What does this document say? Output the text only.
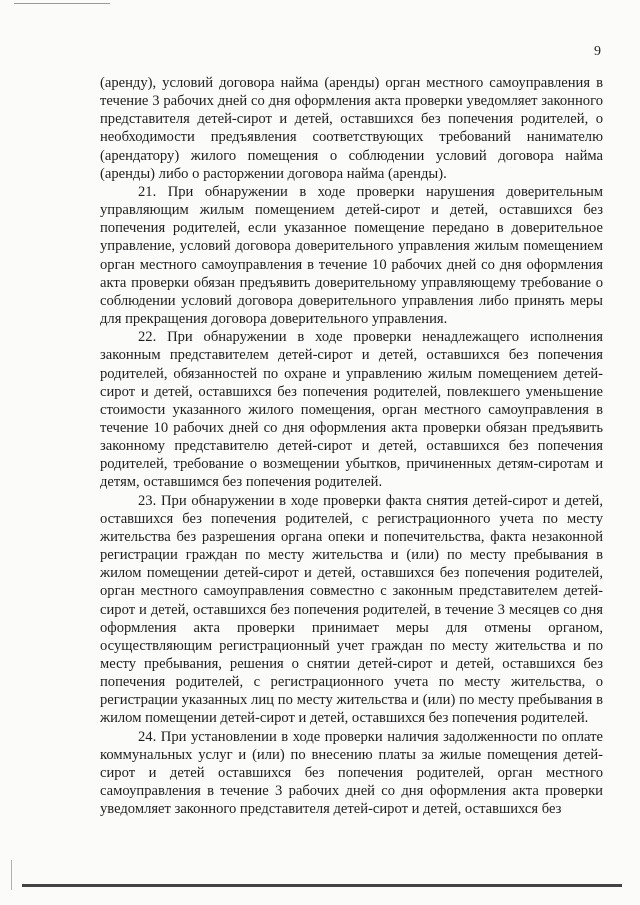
9

(аренду), условий договора найма (аренды) орган местного самоуправления в течение 3 рабочих дней со дня оформления акта проверки уведомляет законного представителя детей-сирот и детей, оставшихся без попечения родителей, о необходимости предъявления соответствующих требований нанимателю (арендатору) жилого помещения о соблюдении условий договора найма (аренды) либо о расторжении договора найма (аренды).

21. При обнаружении в ходе проверки нарушения доверительным управляющим жилым помещением детей-сирот и детей, оставшихся без попечения родителей, если указанное помещение передано в доверительное управление, условий договора доверительного управления жилым помещением орган местного самоуправления в течение 10 рабочих дней со дня оформления акта проверки обязан предъявить доверительному управляющему требование о соблюдении условий договора доверительного управления либо принять меры для прекращения договора доверительного управления.

22. При обнаружении в ходе проверки ненадлежащего исполнения законным представителем детей-сирот и детей, оставшихся без попечения родителей, обязанностей по охране и управлению жилым помещением детей-сирот и детей, оставшихся без попечения родителей, повлекшего уменьшение стоимости указанного жилого помещения, орган местного самоуправления в течение 10 рабочих дней со дня оформления акта проверки обязан предъявить законному представителю детей-сирот и детей, оставшихся без попечения родителей, требование о возмещении убытков, причиненных детям-сиротам и детям, оставшимся без попечения родителей.

23. При обнаружении в ходе проверки факта снятия детей-сирот и детей, оставшихся без попечения родителей, с регистрационного учета по месту жительства без разрешения органа опеки и попечительства, факта незаконной регистрации граждан по месту жительства и (или) по месту пребывания в жилом помещении детей-сирот и детей, оставшихся без попечения родителей, орган местного самоуправления совместно с законным представителем детей-сирот и детей, оставшихся без попечения родителей, в течение 3 месяцев со дня оформления акта проверки принимает меры для отмены органом, осуществляющим регистрационный учет граждан по месту жительства и по месту пребывания, решения о снятии детей-сирот и детей, оставшихся без попечения родителей, с регистрационного учета по месту жительства, о регистрации указанных лиц по месту жительства и (или) по месту пребывания в жилом помещении детей-сирот и детей, оставшихся без попечения родителей.

24. При установлении в ходе проверки наличия задолженности по оплате коммунальных услуг и (или) по внесению платы за жилые помещения детей-сирот и детей оставшихся без попечения родителей, орган местного самоуправления в течение 3 рабочих дней со дня оформления акта проверки уведомляет законного представителя детей-сирот и детей, оставшихся без
